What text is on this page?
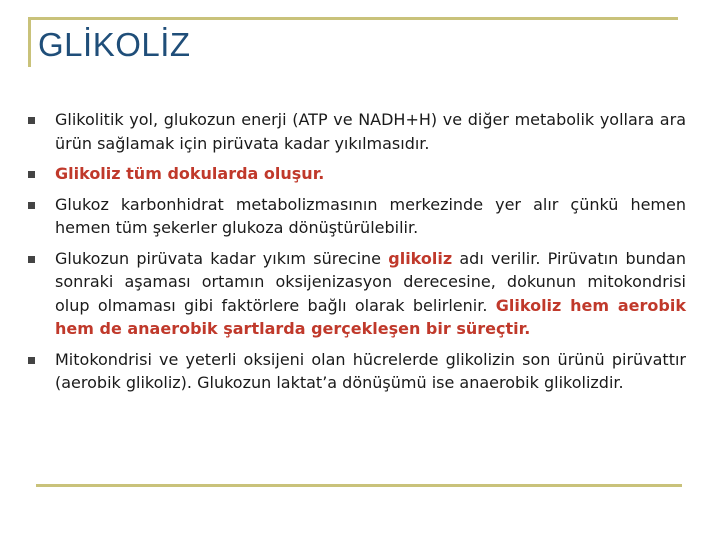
GLİKOLİZ
Glikolitik yol, glukozun enerji (ATP ve NADH+H) ve diğer metabolik yollara ara ürün sağlamak için pirüvata kadar yıkılmasıdır.
Glikoliz tüm dokularda oluşur.
Glukoz karbonhidrat metabolizmasının merkezinde yer alır çünkü hemen hemen tüm şekerler glukoza dönüştürülebilir.
Glukozun pirüvata kadar yıkım sürecine glikoliz adı verilir. Pirüvatın bundan sonraki aşaması ortamın oksijenizasyon derecesine, dokunun mitokondrisi olup olmaması gibi faktörlere bağlı olarak belirlenir. Glikoliz hem aerobik hem de anaerobik şartlarda gerçekleşen bir süreçtir.
Mitokondrisi ve yeterli oksijeni olan hücrelerde glikolizin son ürünü pirüvattır (aerobik glikoliz). Glukozun laktat’a dönüşümü ise anaerobik glikolizdir.
